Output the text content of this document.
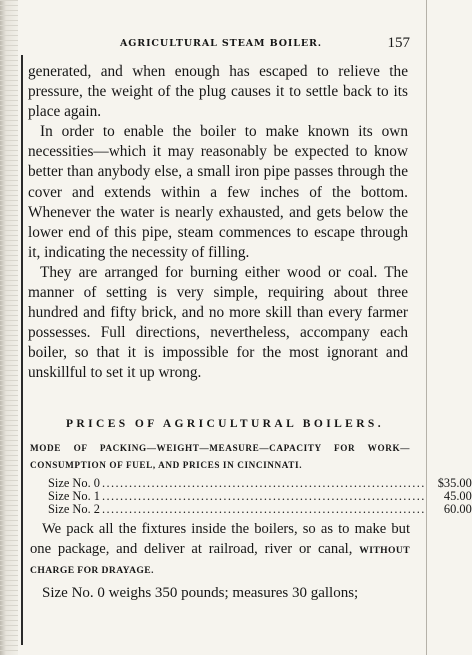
AGRICULTURAL STEAM BOILER.	157

generated, and when enough has escaped to relieve the pressure, the weight of the plug causes it to settle back to its place again.

In order to enable the boiler to make known its own necessities—which it may reasonably be expected to know better than anybody else, a small iron pipe passes through the cover and extends within a few inches of the bottom. Whenever the water is nearly exhausted, and gets below the lower end of this pipe, steam commences to escape through it, indicating the necessity of filling.

They are arranged for burning either wood or coal. The manner of setting is very simple, requiring about three hundred and fifty brick, and no more skill than every farmer possesses. Full directions, nevertheless, accompany each boiler, so that it is impossible for the most ignorant and unskillful to set it up wrong.

PRICES OF AGRICULTURAL BOILERS.
MODE OF PACKING—WEIGHT—MEASURE—CAPACITY FOR WORK—CONSUMPTION OF FUEL, AND PRICES IN CINCINNATI.
Size No. 0 ........................................................................ $35.00
Size No. 1 ........................................................................	45.00
Size No. 2 ........................................................................	60.00
We pack all the fixtures inside the boilers, so as to make but one package, and deliver at railroad, river or canal, WITHOUT CHARGE FOR DRAYAGE.
Size No. 0 weighs 350 pounds; measures 30 gallons;
